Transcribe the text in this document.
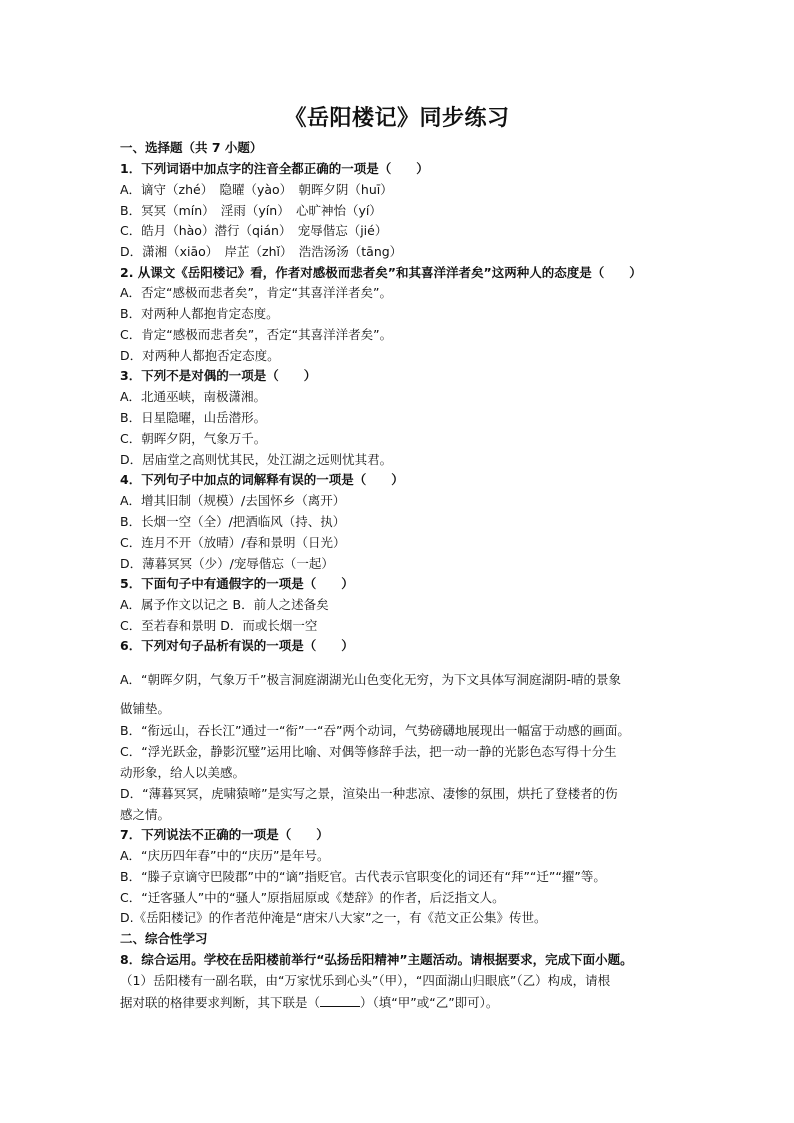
《岳阳楼记》同步练习
一、选择题（共 7 小题）
1．下列词语中加点字的注音全都正确的一项是（　　）
A．谪守（zhé）　隐曜（yào）　朝晖夕阴（huī）
B．冥冥（mín）　淫雨（yín）　心旷神怡（yí）
C．皓月（hào）潜行（qián）　宠辱偕忘（jié）
D．潇湘（xiāo）　岸芷（zhǐ）　浩浩汤汤（tāng）
2. 从课文《岳阳楼记》看，作者对感极而悲者矣”和其喜洋洋者矣”这两种人的态度是（　　）
A．否定“感极而悲者矣”，肯定“其喜洋洋者矣”。
B．对两种人都抱肯定态度。
C．肯定“感极而悲者矣”，否定“其喜洋洋者矣”。
D．对两种人都抱否定态度。
3．下列不是对偶的一项是（　　）
A．北通巫峡，南极潇湘。
B．日星隐曜，山岳潜形。
C．朝晖夕阴，气象万千。
D．居庙堂之高则忧其民，处江湖之远则忧其君。
4．下列句子中加点的词解释有误的一项是（　　）
A．增其旧制（规模）/去国怀乡（离开）
B．长烟一空（全）/把酒临风（持、执）
C．连月不开（放晴）/春和景明（日光）
D．薄暮冥冥（少）/宠辱偕忘（一起）
5．下面句子中有通假字的一项是（　　）
A．属予作文以记之 B．前人之述备矣
C．至若春和景明 D．而或长烟一空
6．下列对句子品析有误的一项是（　　）
A．“朝晖夕阴，气象万千”极言洞庭湖湖光山色变化无穷，为下文具体写洞庭湖阴-晴的景象
做铺垫。
B．“衔远山，吞长江”通过一“衔”一“吞”两个动词，气势磅礴地展现出一幅富于动感的画面。
C．“浮光跃金，静影沉璧”运用比喻、对偶等修辞手法，把一动一静的光影色态写得十分生
动形象，给人以美感。
D．“薄暮冥冥，虎啸猿啼”是实写之景，渲染出一种悲凉、凄惨的氛围，烘托了登楼者的伤
感之情。
7．下列说法不正确的一项是（　　）
A．“庆历四年春”中的“庆历”是年号。
B．“滕子京谪守巴陵郡”中的“谪”指贬官。古代表示官职变化的词还有“拜”“迁”“擢”等。
C．“迁客骚人”中的“骚人”原指屈原或《楚辞》的作者，后泛指文人。
D.《岳阳楼记》的作者范仲淹是“唐宋八大家”之一，有《范文正公集》传世。
二、综合性学习
8．综合运用。学校在岳阳楼前举行“弘扬岳阳精神”主题活动。请根据要求，完成下面小题。
（1）岳阳楼有一副名联，由“万家忧乐到心头”（甲），“四面湖山归眼底”（乙）构成，请根
据对联的格律要求判断，其下联是（	）（填“甲”或“乙”即可）。
